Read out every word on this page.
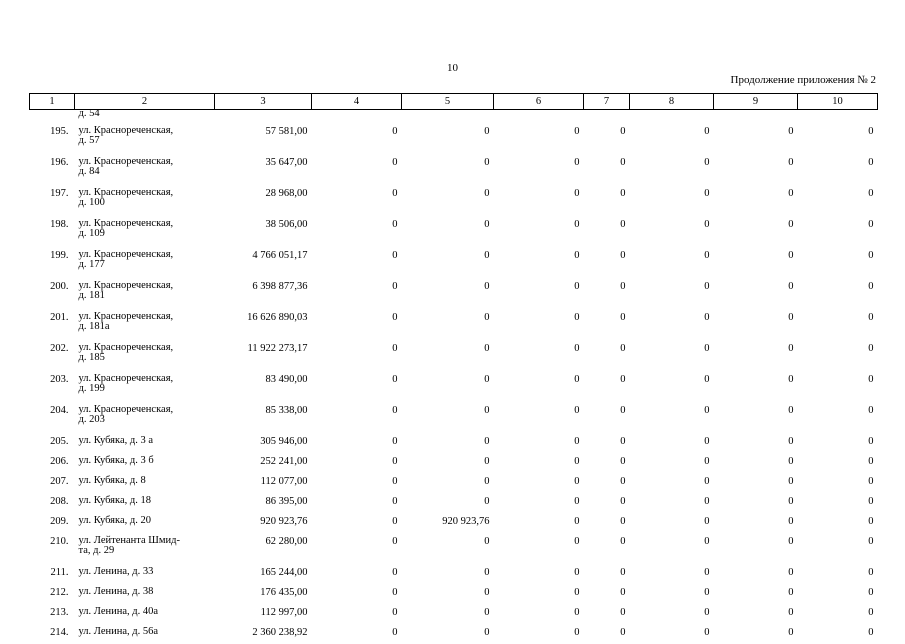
10
Продолжение приложения № 2
1	2	3	4	5	6	7	8	9	10
	д. 54								
195.	ул. Краснореченская,
д. 57	57 581,00	0	0	0	0	0	0	0
196.	ул. Краснореченская,
д. 84	35 647,00	0	0	0	0	0	0	0
197.	ул. Краснореченская,
д. 100	28 968,00	0	0	0	0	0	0	0
198.	ул. Краснореченская,
д. 109	38 506,00	0	0	0	0	0	0	0
199.	ул. Краснореченская,
д. 177	4 766 051,17	0	0	0	0	0	0	0
200.	ул. Краснореченская,
д. 181	6 398 877,36	0	0	0	0	0	0	0
201.	ул. Краснореченская,
д. 181а	16 626 890,03	0	0	0	0	0	0	0
202.	ул. Краснореченская,
д. 185	11 922 273,17	0	0	0	0	0	0	0
203.	ул. Краснореченская,
д. 199	83 490,00	0	0	0	0	0	0	0
204.	ул. Краснореченская,
д. 203	85 338,00	0	0	0	0	0	0	0
205.	ул. Кубяка, д. 3 а	305 946,00	0	0	0	0	0	0	0
206.	ул. Кубяка, д. 3 б	252 241,00	0	0	0	0	0	0	0
207.	ул. Кубяка, д. 8	112 077,00	0	0	0	0	0	0	0
208.	ул. Кубяка, д. 18	86 395,00	0	0	0	0	0	0	0
209.	ул. Кубяка, д. 20	920 923,76	0	920 923,76	0	0	0	0	0
210.	ул. Лейтенанта Шмид-
та, д. 29	62 280,00	0	0	0	0	0	0	0
211.	ул. Ленина, д. 33	165 244,00	0	0	0	0	0	0	0
212.	ул. Ленина, д. 38	176 435,00	0	0	0	0	0	0	0
213.	ул. Ленина, д. 40а	112 997,00	0	0	0	0	0	0	0
214.	ул. Ленина, д. 56а	2 360 238,92	0	0	0	0	0	0	0
